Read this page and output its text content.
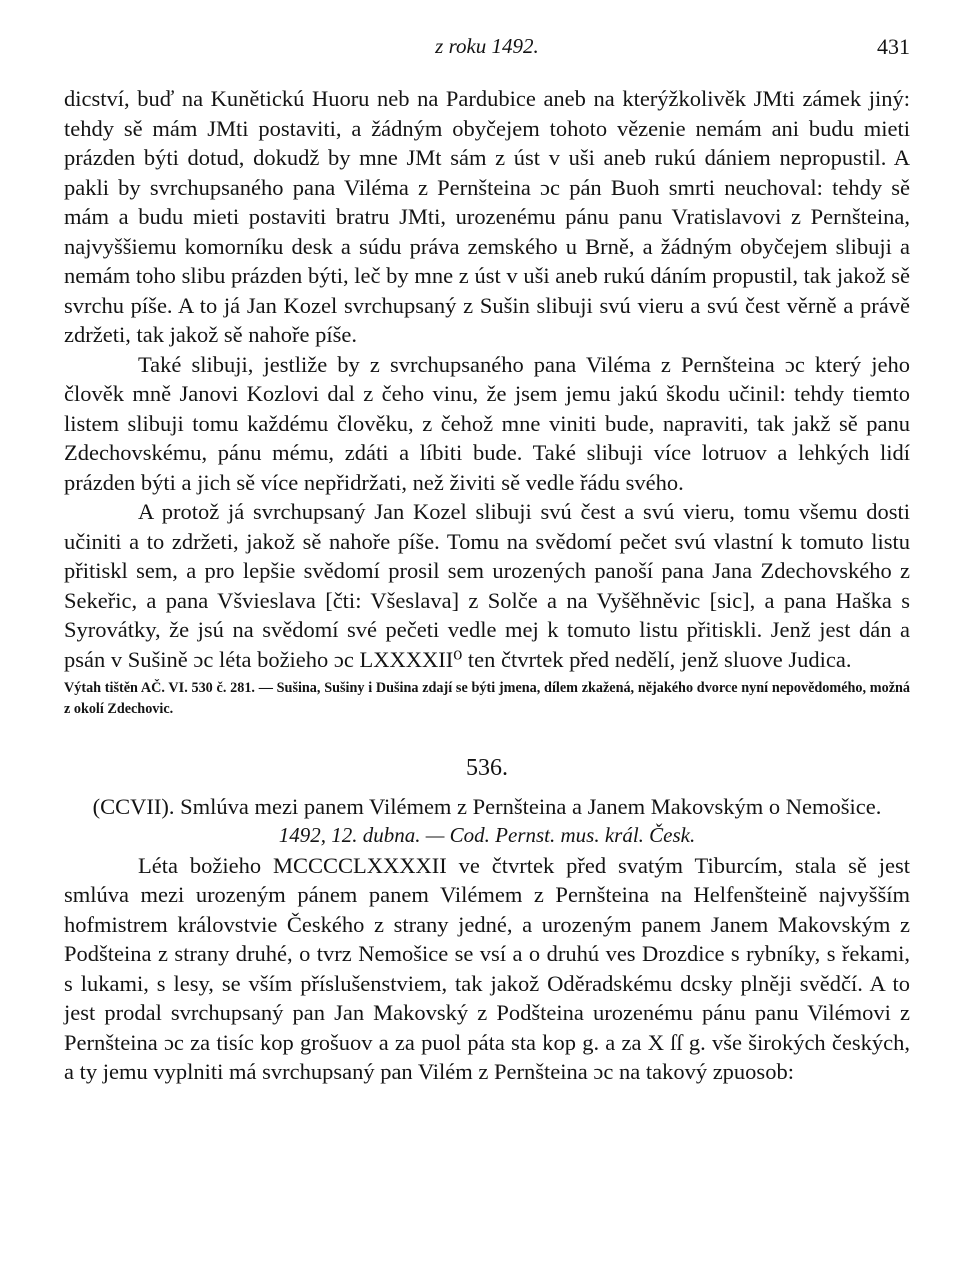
z roku 1492.	431

dicství, buď na Kunětickú Huoru neb na Pardubice aneb na kterýžkolivěk JMti zámek jiný: tehdy sě mám JMti postaviti, a žádným obyčejem tohoto vězenie nemám ani budu mieti prázden býti dotud, dokudž by mne JMt sám z úst v uši aneb rukú dániem nepropustil. A pakli by svrchupsaného pana Viléma z Pernšteina ɔc pán Buoh smrti neuchoval: tehdy sě mám a budu mieti postaviti bratru JMti, urozenému pánu panu Vratislavovi z Pernšteina, najvyššiemu komorníku desk a súdu práva zemského u Brně, a žádným obyčejem slibuji a nemám toho slibu prázden býti, leč by mne z úst v uši aneb rukú dáním propustil, tak jakož sě svrchu píše. A to já Jan Kozel svrchupsaný z Sušin slibuji svú vieru a svú čest věrně a právě zdržeti, tak jakož sě nahoře píše.

Také slibuji, jestliže by z svrchupsaného pana Viléma z Pernšteina ɔc který jeho člověk mně Janovi Kozlovi dal z čeho vinu, že jsem jemu jakú škodu učinil: tehdy tiemto listem slibuji tomu každému člověku, z čehož mne viniti bude, napraviti, tak jakž sě panu Zdechovskému, pánu mému, zdáti a líbiti bude. Také slibuji více lotruov a lehkých lidí prázden býti a jich sě více nepřidržati, než živiti sě vedle řádu svého.

A protož já svrchupsaný Jan Kozel slibuji svú čest a svú vieru, tomu všemu dosti učiniti a to zdržeti, jakož sě nahoře píše. Tomu na svědomí pečet svú vlastní k tomuto listu přitiskl sem, a pro lepšie svědomí prosil sem urozených panoší pana Jana Zdechovského z Sekeřic, a pana Všvieslava [čti: Všeslava] z Solče a na Vyšěhněvic [sic], a pana Haška s Syrovátky, že jsú na svědomí své pečeti vedle mej k tomuto listu přitiskli. Jenž jest dán a psán v Sušině ɔc léta božieho ɔc LXXXXII⁰ ten čtvrtek před nedělí, jenž sluove Judica.

Výtah tištěn AČ. VI. 530 č. 281. — Sušina, Sušiny i Dušina zdají se býti jmena, dílem zkažená, nějakého dvorce nyní nepovědomého, možná z okolí Zdechovic.

536.

(CCVII). Smlúva mezi panem Vilémem z Pernšteina a Janem Makovským o Nemošice.

1492, 12. dubna. — Cod. Pernst. mus. král. Česk.

Léta božieho MCCCCLXXXXII ve čtvrtek před svatým Tiburcím, stala sě jest smlúva mezi urozeným pánem panem Vilémem z Pernšteina na Helfenšteině najvyšším hofmistrem královstvie Českého z strany jedné, a urozeným panem Janem Makovským z Podšteina z strany druhé, o tvrz Nemošice se vsí a o druhú ves Drozdice s rybníky, s řekami, s lukami, s lesy, se vším příslušenstviem, tak jakož Oděradskému dcsky plněji svědčí. A to jest prodal svrchupsaný pan Jan Makovský z Podšteina urozenému pánu panu Vilémovi z Pernšteina ɔc za tisíc kop grošuov a za puol páta sta kop g. a za X ſſ g. vše širokých českých, a ty jemu vyplniti má svrchupsaný pan Vilém z Pernšteina ɔc na takový zpuosob:
